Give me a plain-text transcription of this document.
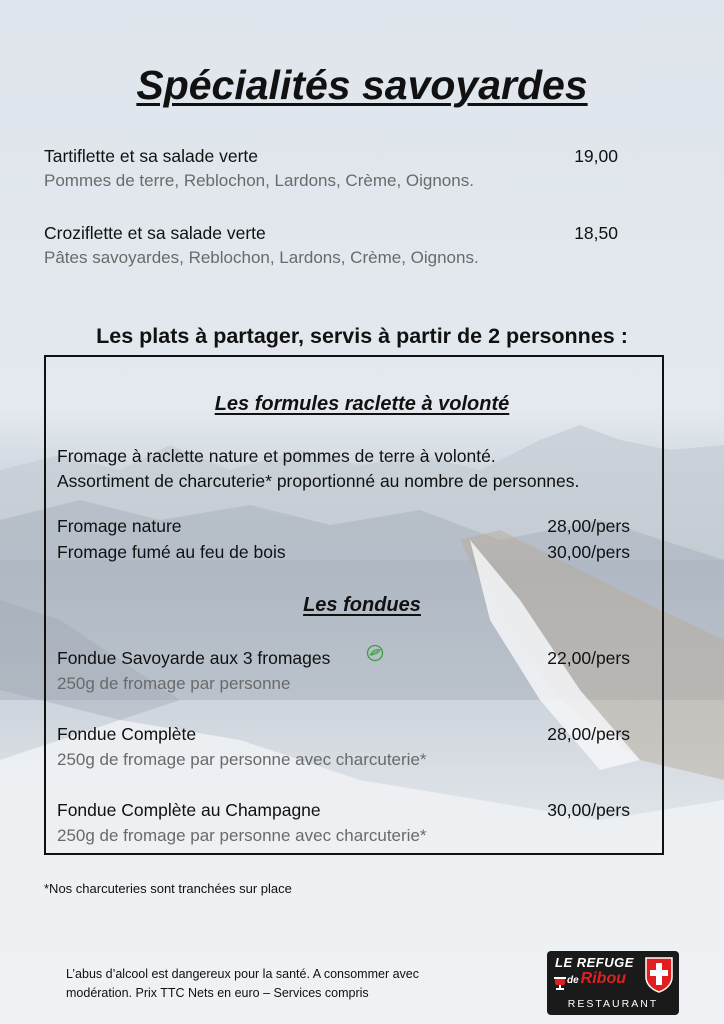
Spécialités savoyardes
Tartiflette et sa salade verte	19,00
Pommes de terre, Reblochon, Lardons, Crème, Oignons.
Croziflette et sa salade verte	18,50
Pâtes savoyardes, Reblochon, Lardons, Crème, Oignons.
Les plats à partager, servis à partir de 2 personnes :
Les formules raclette à volonté
Fromage à raclette nature et pommes de terre à volonté.
Assortiment de charcuterie* proportionné au nombre de personnes.
Fromage nature	28,00/pers
Fromage fumé au feu de bois	30,00/pers
Les fondues
Fondue Savoyarde aux 3 fromages	22,00/pers
250g de fromage par personne
Fondue Complète	28,00/pers
250g de fromage par personne avec charcuterie*
Fondue Complète au Champagne	30,00/pers
250g de fromage par personne avec charcuterie*
*Nos charcuteries sont tranchées sur place
L’abus d’alcool est dangereux pour la santé. A consommer avec
modération. Prix TTC Nets en euro – Services compris
LE REFUGE
de Ribou
RESTAURANT
